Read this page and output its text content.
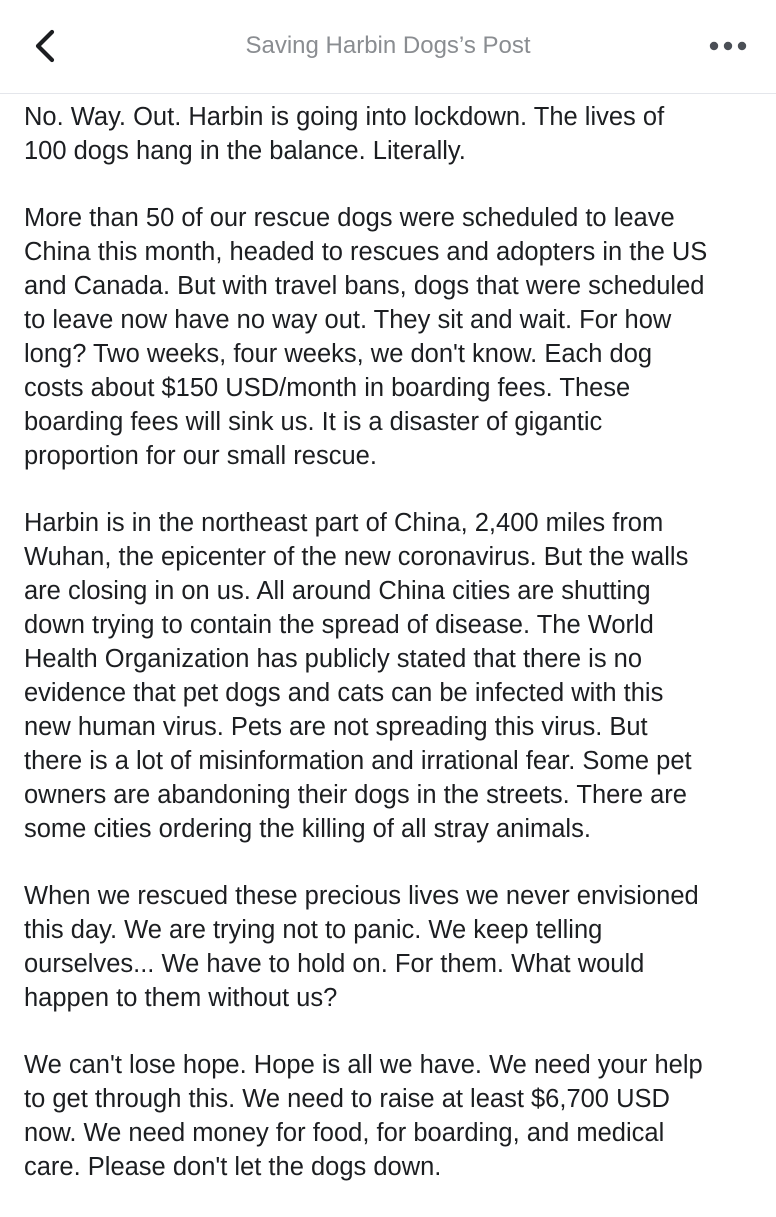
Saving Harbin Dogs’s Post

No. Way. Out. Harbin is going into lockdown. The lives of
100 dogs hang in the balance. Literally.

More than 50 of our rescue dogs were scheduled to leave
China this month, headed to rescues and adopters in the US
and Canada. But with travel bans, dogs that were scheduled
to leave now have no way out. They sit and wait. For how
long? Two weeks, four weeks, we don't know. Each dog
costs about $150 USD/month in boarding fees. These
boarding fees will sink us. It is a disaster of gigantic
proportion for our small rescue.

Harbin is in the northeast part of China, 2,400 miles from
Wuhan, the epicenter of the new coronavirus. But the walls
are closing in on us. All around China cities are shutting
down trying to contain the spread of disease. The World
Health Organization has publicly stated that there is no
evidence that pet dogs and cats can be infected with this
new human virus. Pets are not spreading this virus. But
there is a lot of misinformation and irrational fear. Some pet
owners are abandoning their dogs in the streets. There are
some cities ordering the killing of all stray animals.

When we rescued these precious lives we never envisioned
this day. We are trying not to panic. We keep telling
ourselves... We have to hold on. For them. What would
happen to them without us?

We can't lose hope. Hope is all we have. We need your help
to get through this. We need to raise at least $6,700 USD
now. We need money for food, for boarding, and medical
care. Please don't let the dogs down.
